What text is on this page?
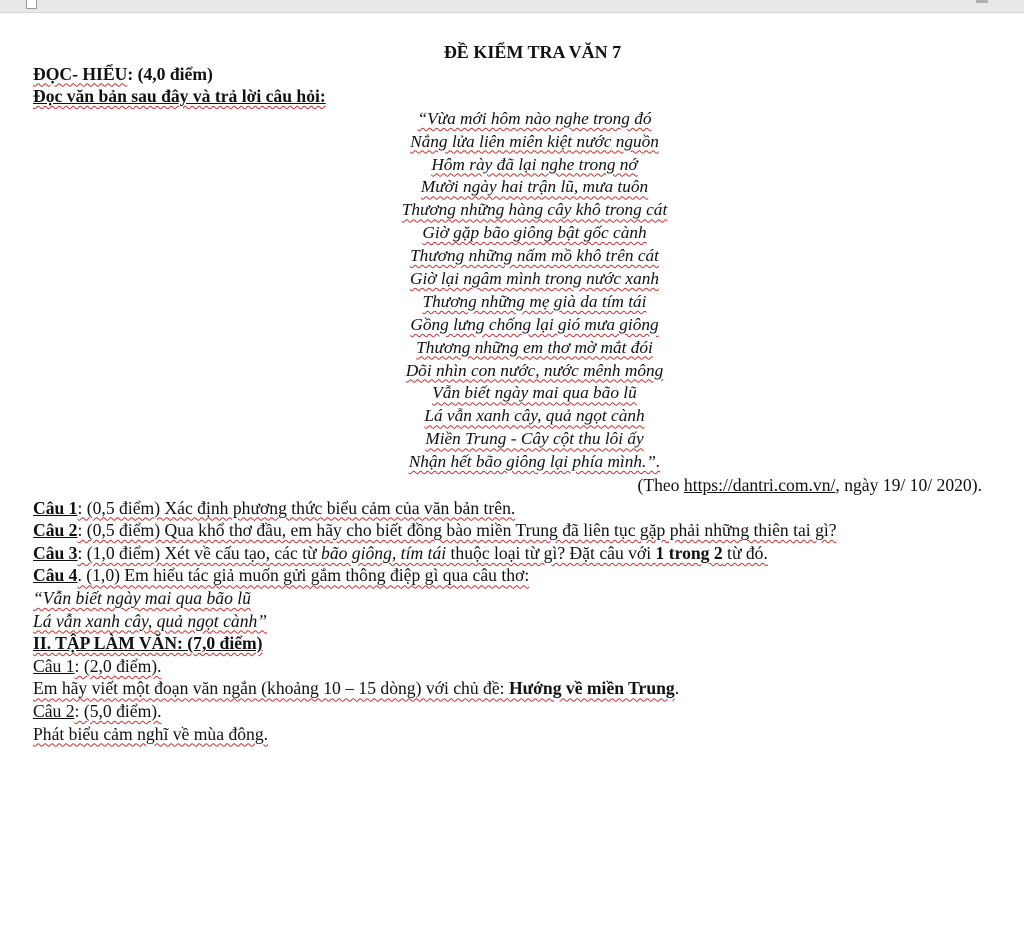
ĐỀ KIỂM TRA VĂN 7
ĐỌC- HIỂU: (4,0 điểm)
Đọc văn bản sau đây và trả lời câu hỏi:
“Vừa mới hôm nào nghe trong đó
Nắng lửa liên miên kiệt nước nguồn
Hôm rày đã lại nghe trong nớ
Mười ngày hai trận lũ, mưa tuôn
Thương những hàng cây khô trong cát
Giờ gặp bão giông bật gốc cành
Thương những nấm mồ khô trên cát
Giờ lại ngâm mình trong nước xanh
Thương những mẹ già da tím tái
Gồng lưng chống lại gió mưa giông
Thương những em thơ mờ mắt đói
Dõi nhìn con nước, nước mênh mông
Vẫn biết ngày mai qua bão lũ
Lá vẫn xanh cây, quả ngọt cành
Miền Trung - Cây cột thu lôi ấy
Nhận hết bão giông lại phía mình.”.
(Theo https://dantri.com.vn/, ngày 19/ 10/ 2020).
Câu 1: (0,5 điểm) Xác định phương thức biểu cảm của văn bản trên.
Câu 2: (0,5 điểm) Qua khổ thơ đầu, em hãy cho biết đồng bào miền Trung đã liên tục gặp phải những thiên tai gì?
Câu 3: (1,0 điểm) Xét về cấu tạo, các từ bão giông, tím tái thuộc loại từ gì? Đặt câu với 1 trong 2 từ đó.
Câu 4. (1,0) Em hiểu tác giả muốn gửi gắm thông điệp gì qua câu thơ:
“Vẫn biết ngày mai qua bão lũ
Lá vẫn xanh cây, quả ngọt cành”
II. TẬP LÀM VĂN: (7,0 điểm)
Câu 1: (2,0 điểm).
Em hãy viết một đoạn văn ngắn (khoảng 10 – 15 dòng) với chủ đề: Hướng về miền Trung.
Câu 2: (5,0 điểm).
Phát biểu cảm nghĩ về mùa đông.
